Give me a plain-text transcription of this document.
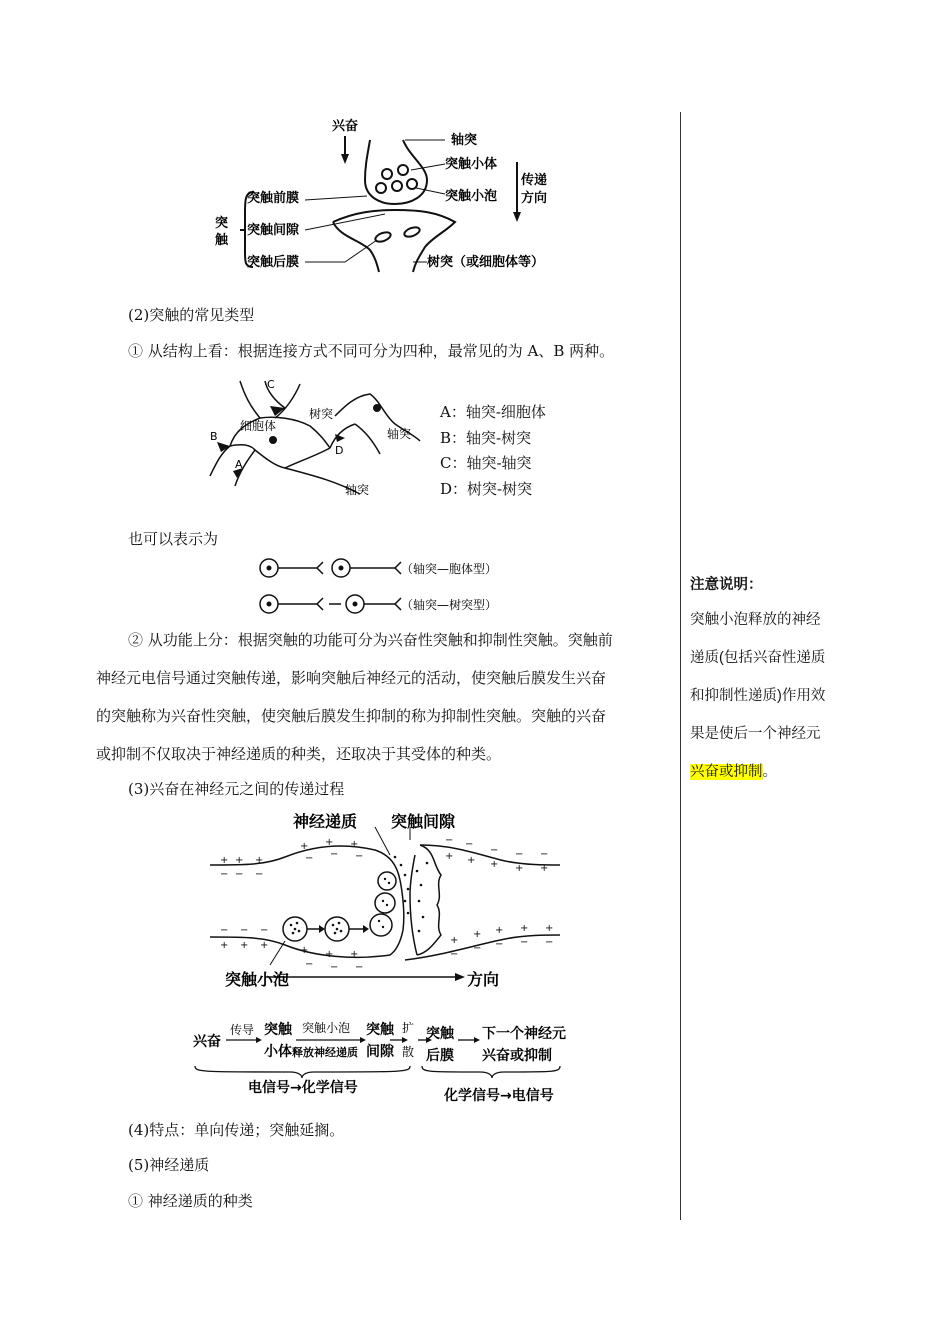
兴奋
轴突
突触小体
突触小泡
传递
方向
突
触
突触前膜
突触间隙
突触后膜	树突（或细胞体等）
(2)突触的常见类型
① 从结构上看：根据连接方式不同可分为四种，最常见的为 A、B 两种。
C
B
A
D
细胞体
树突
轴突
轴突
A：轴突-细胞体
B：轴突-树突
C：轴突-轴突
D：树突-树突
也可以表示为
（轴突—胞体型）
（轴突—树突型）
② 从功能上分：根据突触的功能可分为兴奋性突触和抑制性突触。突触前
神经元电信号通过突触传递，影响突触后神经元的活动，使突触后膜发生兴奋
的突触称为兴奋性突触，使突触后膜发生抑制的称为抑制性突触。突触的兴奋
或抑制不仅取决于神经递质的种类，还取决于其受体的种类。
(3)兴奋在神经元之间的传递过程
+ + +
− − −
+ + +
− − −
− − −
+ + +	+ + +
− − −
− −
− − −
+ + + + +
+
+ + + +
−
− − − −
神经递质 突触间隙
突触小泡	方向
兴奋
传导 突触
小体
突触小泡
释放神经递质
突触
间隙
扩
散
突触
后膜
下一个神经元
兴奋或抑制
电信号→化学信号	化学信号→电信号
(4)特点：单向传递；突触延搁。
(5)神经递质
① 神经递质的种类
注意说明：
突触小泡释放的神经
递质(包括兴奋性递质
和抑制性递质)作用效
果是使后一个神经元
兴奋或抑制。
